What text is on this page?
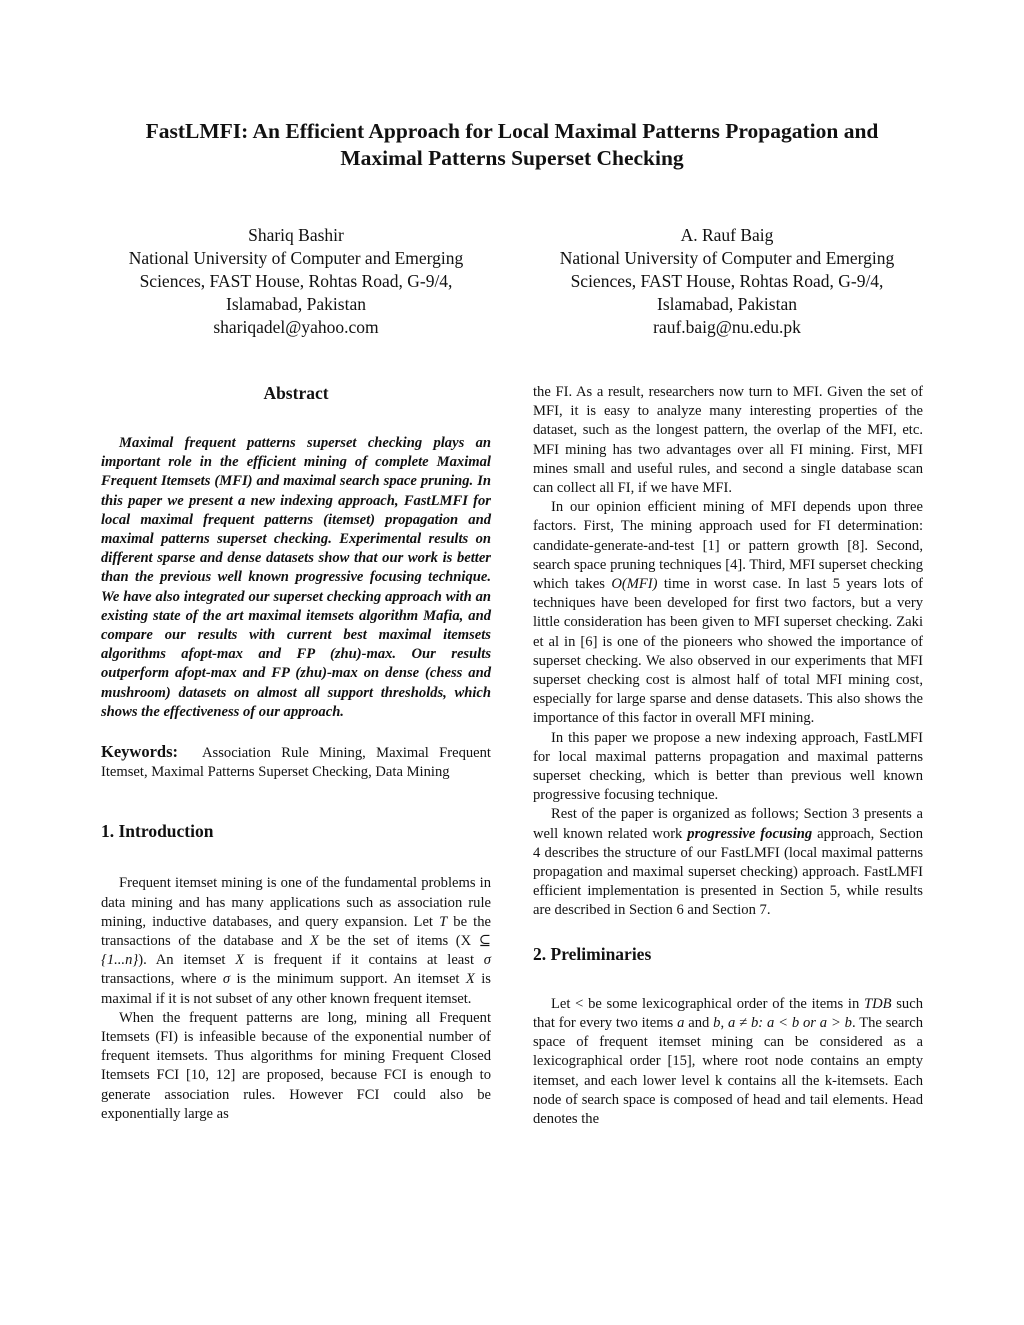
FastLMFI: An Efficient Approach for Local Maximal Patterns Propagation and
Maximal Patterns Superset Checking
Shariq Bashir
National University of Computer and Emerging
Sciences, FAST House, Rohtas Road, G-9/4,
Islamabad, Pakistan
shariqadel@yahoo.com
A. Rauf Baig
National University of Computer and Emerging
Sciences, FAST House, Rohtas Road, G-9/4,
Islamabad, Pakistan
rauf.baig@nu.edu.pk
Abstract

Maximal frequent patterns superset checking plays an important role in the efficient mining of complete Maximal Frequent Itemsets (MFI) and maximal search space pruning. In this paper we present a new indexing approach, FastLMFI for local maximal frequent patterns (itemset) propagation and maximal patterns superset checking. Experimental results on different sparse and dense datasets show that our work is better than the previous well known progressive focusing technique. We have also integrated our superset checking approach with an existing state of the art maximal itemsets algorithm Mafia, and compare our results with current best maximal itemsets algorithms afopt-max and FP (zhu)-max. Our results outperform afopt-max and FP (zhu)-max on dense (chess and mushroom) datasets on almost all support thresholds, which shows the effectiveness of our approach.

Keywords: Association Rule Mining, Maximal Frequent Itemset, Maximal Patterns Superset Checking, Data Mining

1. Introduction

Frequent itemset mining is one of the fundamental problems in data mining and has many applications such as association rule mining, inductive databases, and query expansion. Let T be the transactions of the database and X be the set of items (X ⊆ {1...n}). An itemset X is frequent if it contains at least σ transactions, where σ is the minimum support. An itemset X is maximal if it is not subset of any other known frequent itemset.

When the frequent patterns are long, mining all Frequent Itemsets (FI) is infeasible because of the exponential number of frequent itemsets. Thus algorithms for mining Frequent Closed Itemsets FCI [10, 12] are proposed, because FCI is enough to generate association rules. However FCI could also be exponentially large as

the FI. As a result, researchers now turn to MFI. Given the set of MFI, it is easy to analyze many interesting properties of the dataset, such as the longest pattern, the overlap of the MFI, etc. MFI mining has two advantages over all FI mining. First, MFI mines small and useful rules, and second a single database scan can collect all FI, if we have MFI.

In our opinion efficient mining of MFI depends upon three factors. First, The mining approach used for FI determination: candidate-generate-and-test [1] or pattern growth [8]. Second, search space pruning techniques [4]. Third, MFI superset checking which takes O(MFI) time in worst case. In last 5 years lots of techniques have been developed for first two factors, but a very little consideration has been given to MFI superset checking. Zaki et al in [6] is one of the pioneers who showed the importance of superset checking. We also observed in our experiments that MFI superset checking cost is almost half of total MFI mining cost, especially for large sparse and dense datasets. This also shows the importance of this factor in overall MFI mining.

In this paper we propose a new indexing approach, FastLMFI for local maximal patterns propagation and maximal patterns superset checking, which is better than previous well known progressive focusing technique.

Rest of the paper is organized as follows; Section 3 presents a well known related work progressive focusing approach, Section 4 describes the structure of our FastLMFI (local maximal patterns propagation and maximal superset checking) approach. FastLMFI efficient implementation is presented in Section 5, while results are described in Section 6 and Section 7.

2. Preliminaries

Let < be some lexicographical order of the items in TDB such that for every two items a and b, a ≠ b: a < b or a > b. The search space of frequent itemset mining can be considered as a lexicographical order [15], where root node contains an empty itemset, and each lower level k contains all the k-itemsets. Each node of search space is composed of head and tail elements. Head denotes the
